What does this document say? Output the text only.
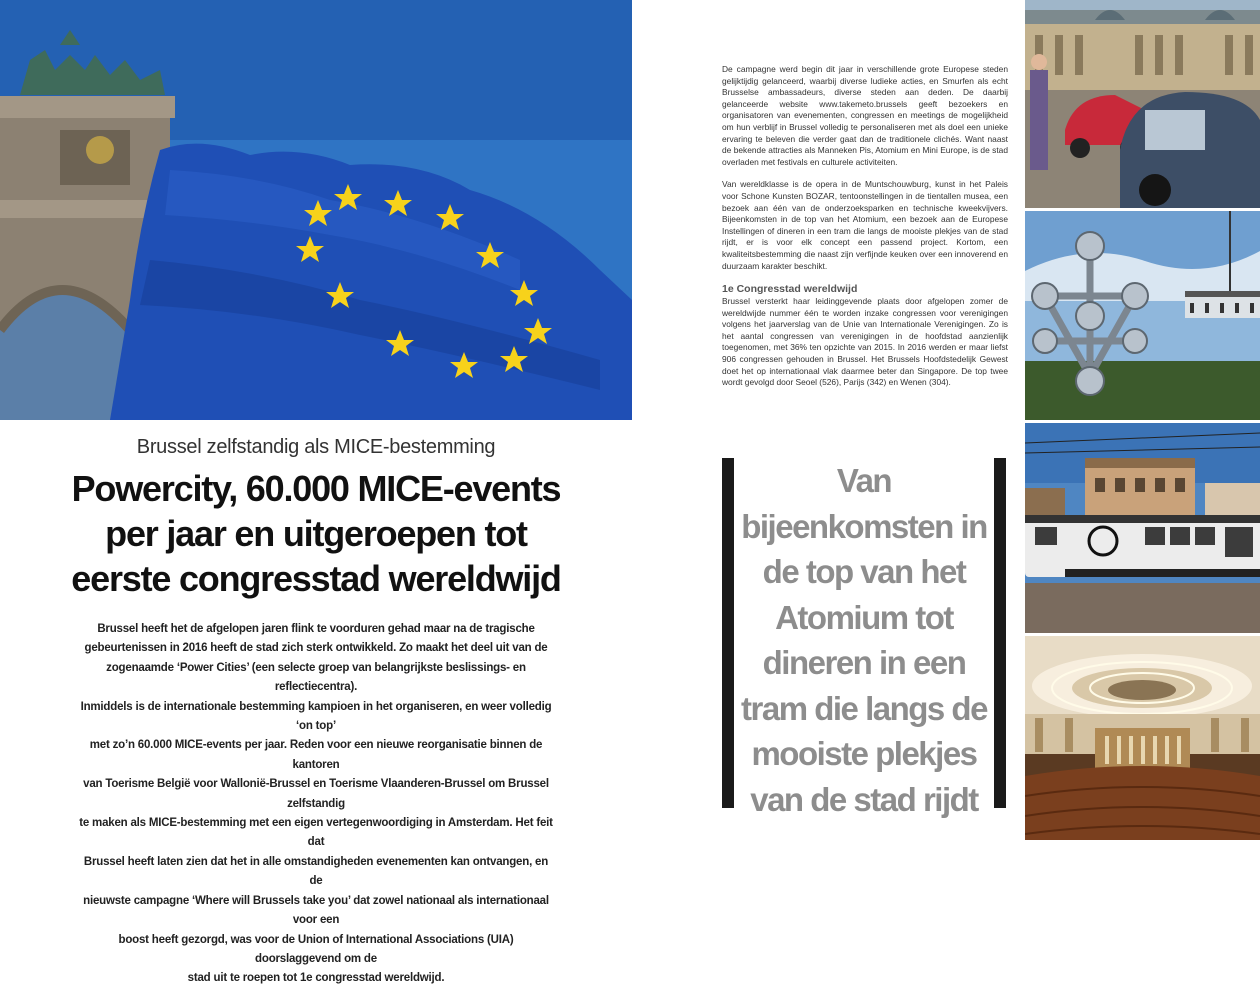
Brussel zelfstandig als MICE-bestemming
Powercity, 60.000 MICE-events
per jaar en uitgeroepen tot
eerste congresstad wereldwijd
Brussel heeft het de afgelopen jaren flink te voorduren gehad maar na de tragische
gebeurtenissen in 2016 heeft de stad zich sterk ontwikkeld. Zo maakt het deel uit van de
zogenaamde ‘Power Cities’ (een selecte groep van belangrijkste beslissings- en reflectiecentra).
Inmiddels is de internationale bestemming kampioen in het organiseren, en weer volledig ‘on top’
met zo’n 60.000 MICE-events per jaar. Reden voor een nieuwe reorganisatie binnen de kantoren
van Toerisme België voor Wallonië-Brussel en Toerisme Vlaanderen-Brussel om Brussel zelfstandig
te maken als MICE-bestemming met een eigen vertegenwoordiging in Amsterdam. Het feit dat
Brussel heeft laten zien dat het in alle omstandigheden evenementen kan ontvangen, en de
nieuwste campagne ‘Where will Brussels take you’ dat zowel nationaal als internationaal voor een
boost heeft gezorgd, was voor de Union of International Associations (UIA) doorslaggevend om de
stad uit te roepen tot 1e congresstad wereldwijd.

De campagne werd begin dit jaar in verschillende grote Europese steden gelijktijdig gelanceerd, waarbij diverse ludieke acties, en Smurfen als echt Brusselse ambassadeurs, diverse steden aan deden. De daarbij gelanceerde website www.takemeto.brussels geeft bezoekers en organisatoren van evenementen, congressen en meetings de mogelijkheid om hun verblijf in Brussel volledig te personaliseren met als doel een unieke ervaring te beleven die verder gaat dan de traditionele clichés. Want naast de bekende attracties als Manneken Pis, Atomium en Mini Europe, is de stad overladen met festivals en culturele activiteiten.

Van wereldklasse is de opera in de Muntschouwburg, kunst in het Paleis voor Schone Kunsten BOZAR, tentoonstellingen in de tientallen musea, een bezoek aan één van de onderzoeksparken en technische kweekvijvers. Bijeenkomsten in de top van het Atomium, een bezoek aan de Europese Instellingen of dineren in een tram die langs de mooiste plekjes van de stad rijdt, er is voor elk concept een passend project. Kortom, een kwaliteitsbestemming die naast zijn verfijnde keuken over een innoverend en duurzaam karakter beschikt.

1e Congresstad wereldwijd

Brussel versterkt haar leidinggevende plaats door afgelopen zomer de wereldwijde nummer één te worden inzake congressen voor verenigingen volgens het jaarverslag van de Unie van Internationale Verenigingen. Zo is het aantal congressen van verenigingen in de hoofdstad aanzienlijk toegenomen, met 36% ten opzichte van 2015. In 2016 werden er maar liefst 906 congressen gehouden in Brussel. Het Brussels Hoofdstedelijk Gewest doet het op internationaal vlak daarmee beter dan Singapore. De top twee wordt gevolgd door Seoel (526), Parijs (342) en Wenen (304).

Van
bijeenkomsten in
de top van het
Atomium tot
dineren in een
tram die langs de
mooiste plekjes
van de stad rijdt
